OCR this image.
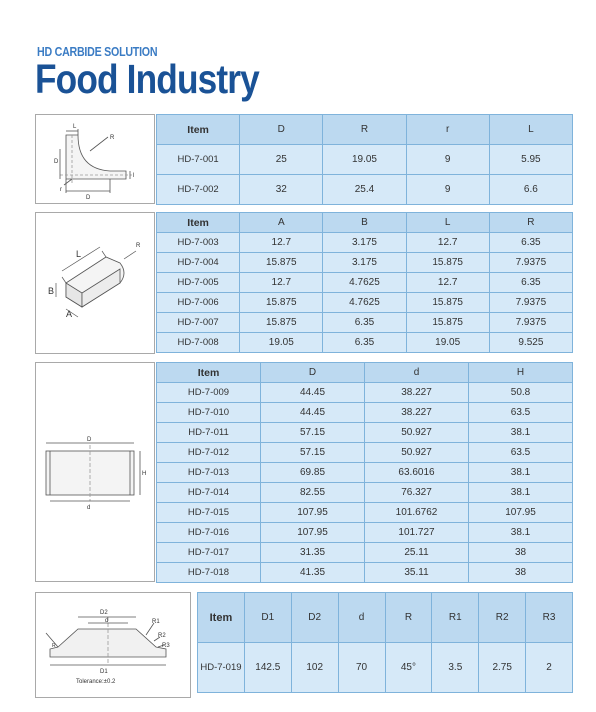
HD CARBIDE SOLUTION
Food Industry
L
R
D
D
r
l
L
R
B
A
D
d
H
D2
d	R1
R2
R3
R
D1
Tolerance:±0.2
Item	D	R	r	L
HD-7-001	25	19.05	9	5.95
HD-7-002	32	25.4	9	6.6
Item	A	B	L	R
HD-7-003	12.7	3.175	12.7	6.35
HD-7-004	15.875	3.175	15.875	7.9375
HD-7-005	12.7	4.7625	12.7	6.35
HD-7-006	15.875	4.7625	15.875	7.9375
HD-7-007	15.875	6.35	15.875	7.9375
HD-7-008	19.05	6.35	19.05	9.525
Item	D	d	H
HD-7-009	44.45	38.227	50.8
HD-7-010	44.45	38.227	63.5
HD-7-011	57.15	50.927	38.1
HD-7-012	57.15	50.927	63.5
HD-7-013	69.85	63.6016	38.1
HD-7-014	82.55	76.327	38.1
HD-7-015	107.95	101.6762	107.95
HD-7-016	107.95	101.727	38.1
HD-7-017	31.35	25.11	38
HD-7-018	41.35	35.11	38
Item	D1	D2	d	R	R1	R2	R3
HD-7-019	142.5	102	70	45°	3.5	2.75	2
